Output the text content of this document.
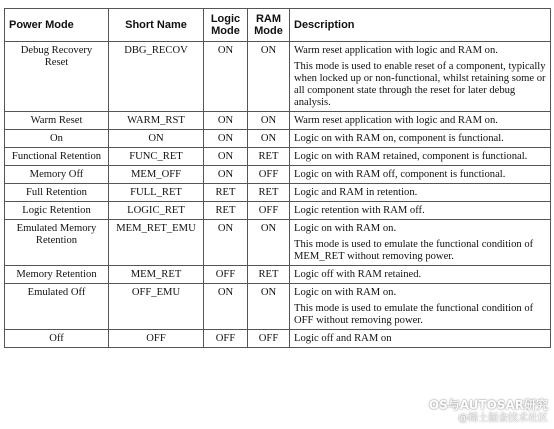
Power Mode	Short Name	Logic Mode	RAM Mode	Description
Debug Recovery Reset	DBG_RECOV	ON	ON	Warm reset application with logic and RAM on.
This mode is used to enable reset of a component, typically when locked up or non-functional, whilst retaining some or all component state through the reset for later debug analysis.

Warm Reset	WARM_RST	ON	ON	Warm reset application with logic and RAM on.

On	ON	ON	ON	Logic on with RAM on, component is functional.

Functional Retention	FUNC_RET	ON	RET	Logic on with RAM retained, component is functional.

Memory Off	MEM_OFF	ON	OFF	Logic on with RAM off, component is functional.

Full Retention	FULL_RET	RET	RET	Logic and RAM in retention.

Logic Retention	LOGIC_RET	RET	OFF	Logic retention with RAM off.

Emulated Memory Retention	MEM_RET_EMU	ON	ON	Logic on with RAM on.
This mode is used to emulate the functional condition of MEM_RET without removing power.

Memory Retention	MEM_RET	OFF	RET	Logic off with RAM retained.

Emulated Off	OFF_EMU	ON	ON	Logic on with RAM on.
This mode is used to emulate the functional condition of OFF without removing power.

Off	OFF	OFF	OFF	Logic off and RAM on
OS与AUTOSAR研究
@稀土掘金技术社区
